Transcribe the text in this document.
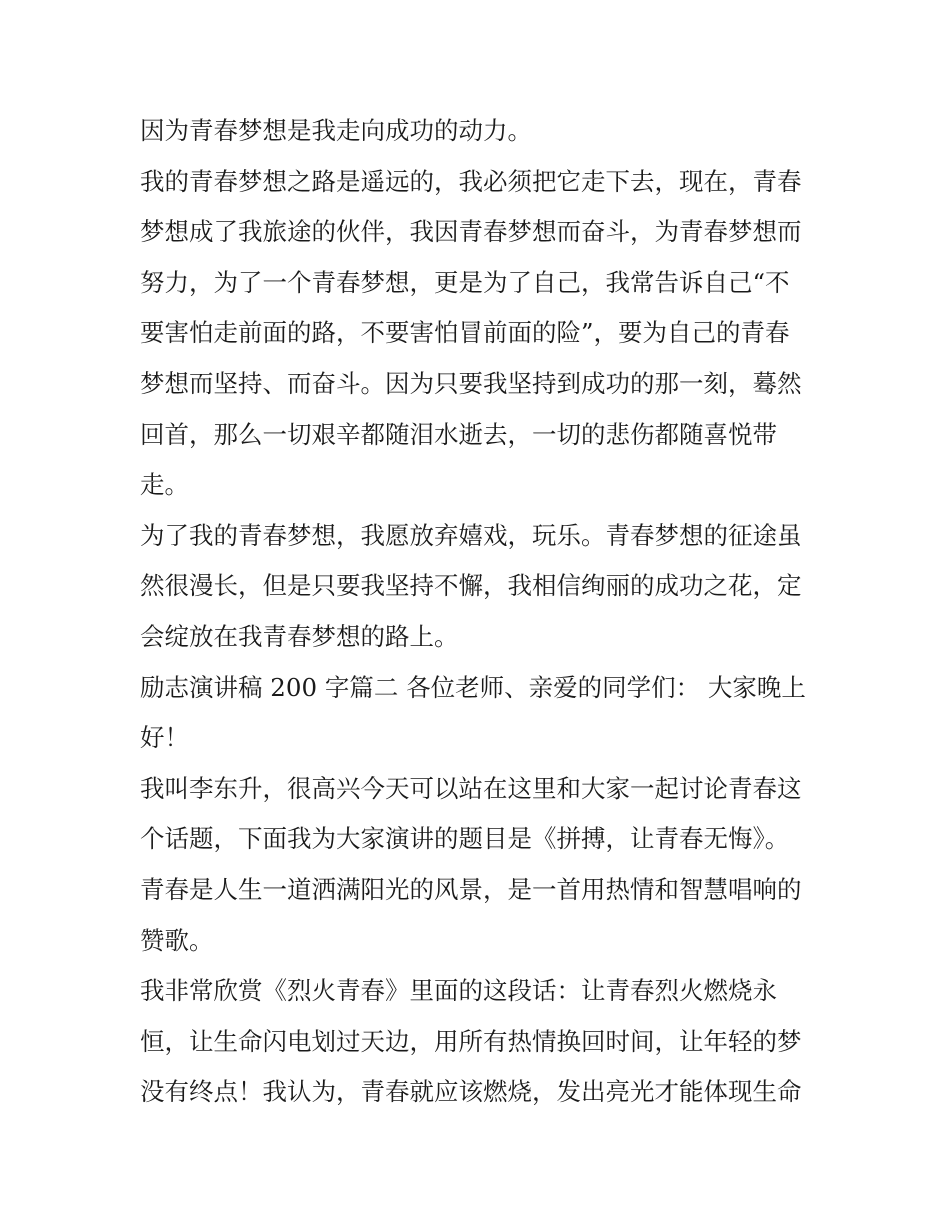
因为青春梦想是我走向成功的动力。
我的青春梦想之路是遥远的，我必须把它走下去，现在，青春
梦想成了我旅途的伙伴，我因青春梦想而奋斗，为青春梦想而
努力，为了一个青春梦想，更是为了自己，我常告诉自己“不
要害怕走前面的路，不要害怕冒前面的险”，要为自己的青春
梦想而坚持、而奋斗。因为只要我坚持到成功的那一刻，蓦然
回首，那么一切艰辛都随泪水逝去，一切的悲伤都随喜悦带
走。
为了我的青春梦想，我愿放弃嬉戏，玩乐。青春梦想的征途虽
然很漫长，但是只要我坚持不懈，我相信绚丽的成功之花，定
会绽放在我青春梦想的路上。
励志演讲稿 200 字篇二 各位老师、亲爱的同学们： 大家晚上
好！
我叫李东升，很高兴今天可以站在这里和大家一起讨论青春这
个话题，下面我为大家演讲的题目是《拼搏，让青春无悔》。
青春是人生一道洒满阳光的风景，是一首用热情和智慧唱响的
赞歌。
我非常欣赏《烈火青春》里面的这段话：让青春烈火燃烧永
恒，让生命闪电划过天边，用所有热情换回时间，让年轻的梦
没有终点！我认为，青春就应该燃烧，发出亮光才能体现生命
